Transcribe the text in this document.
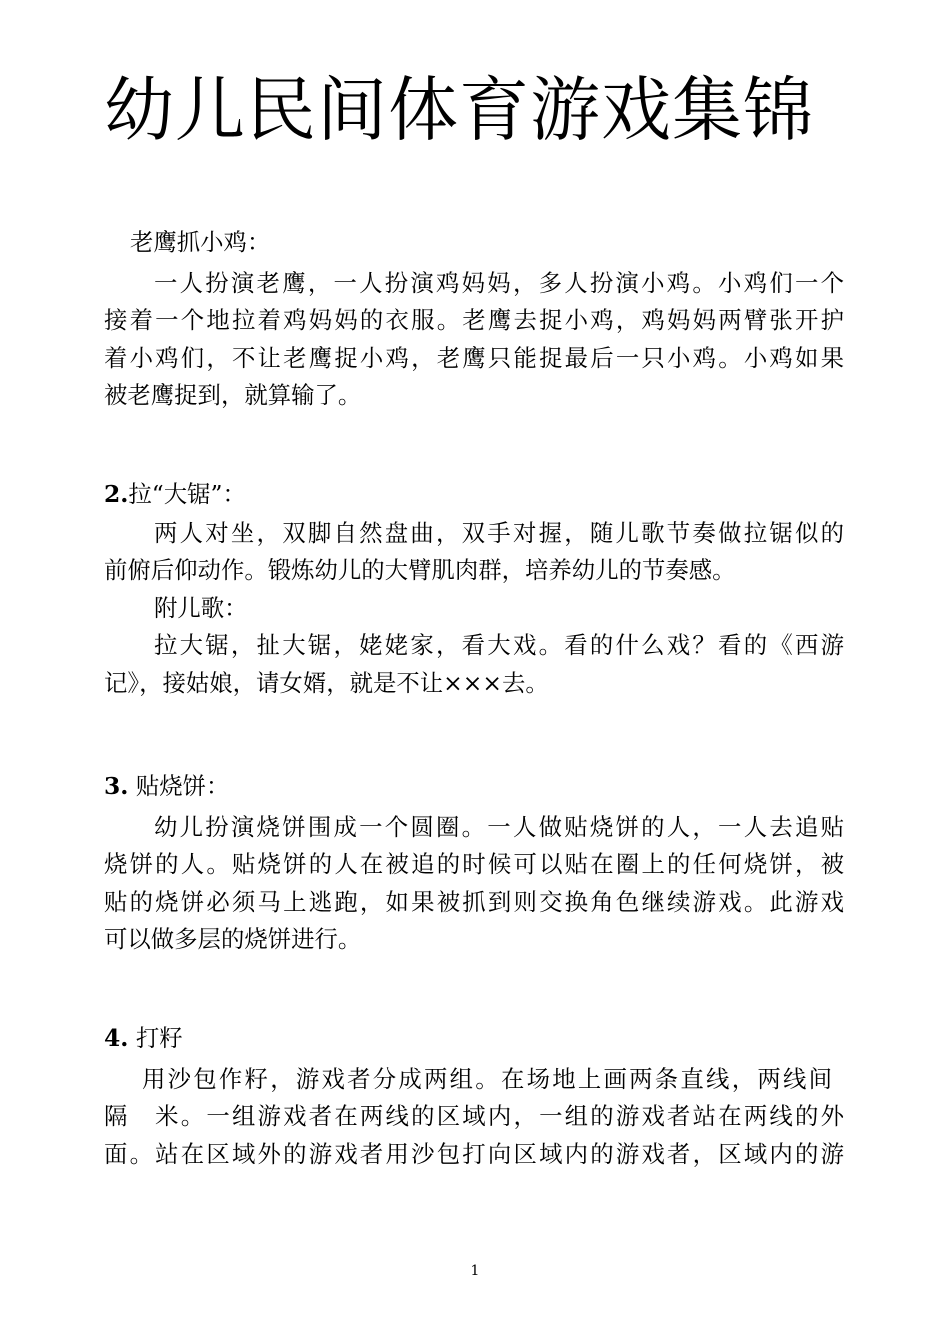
幼儿民间体育游戏集锦
老鹰抓小鸡：
一人扮演老鹰，一人扮演鸡妈妈，多人扮演小鸡。小鸡们一个
接着一个地拉着鸡妈妈的衣服。老鹰去捉小鸡，鸡妈妈两臂张开护
着小鸡们，不让老鹰捉小鸡，老鹰只能捉最后一只小鸡。小鸡如果
被老鹰捉到，就算输了。
2.拉“大锯”：
两人对坐，双脚自然盘曲，双手对握，随儿歌节奏做拉锯似的
前俯后仰动作。锻炼幼儿的大臂肌肉群，培养幼儿的节奏感。
附儿歌：
拉大锯，扯大锯，姥姥家，看大戏。看的什么戏？看的《西游
记》，接姑娘，请女婿，就是不让×××去。
3. 贴烧饼：
幼儿扮演烧饼围成一个圆圈。一人做贴烧饼的人，一人去追贴
烧饼的人。贴烧饼的人在被追的时候可以贴在圈上的任何烧饼，被
贴的烧饼必须马上逃跑，如果被抓到则交换角色继续游戏。此游戏
可以做多层的烧饼进行。
4. 打籽
用沙包作籽，游戏者分成两组。在场地上画两条直线，两线间
隔　米。一组游戏者在两线的区域内，一组的游戏者站在两线的外
面。站在区域外的游戏者用沙包打向区域内的游戏者，区域内的游
1
